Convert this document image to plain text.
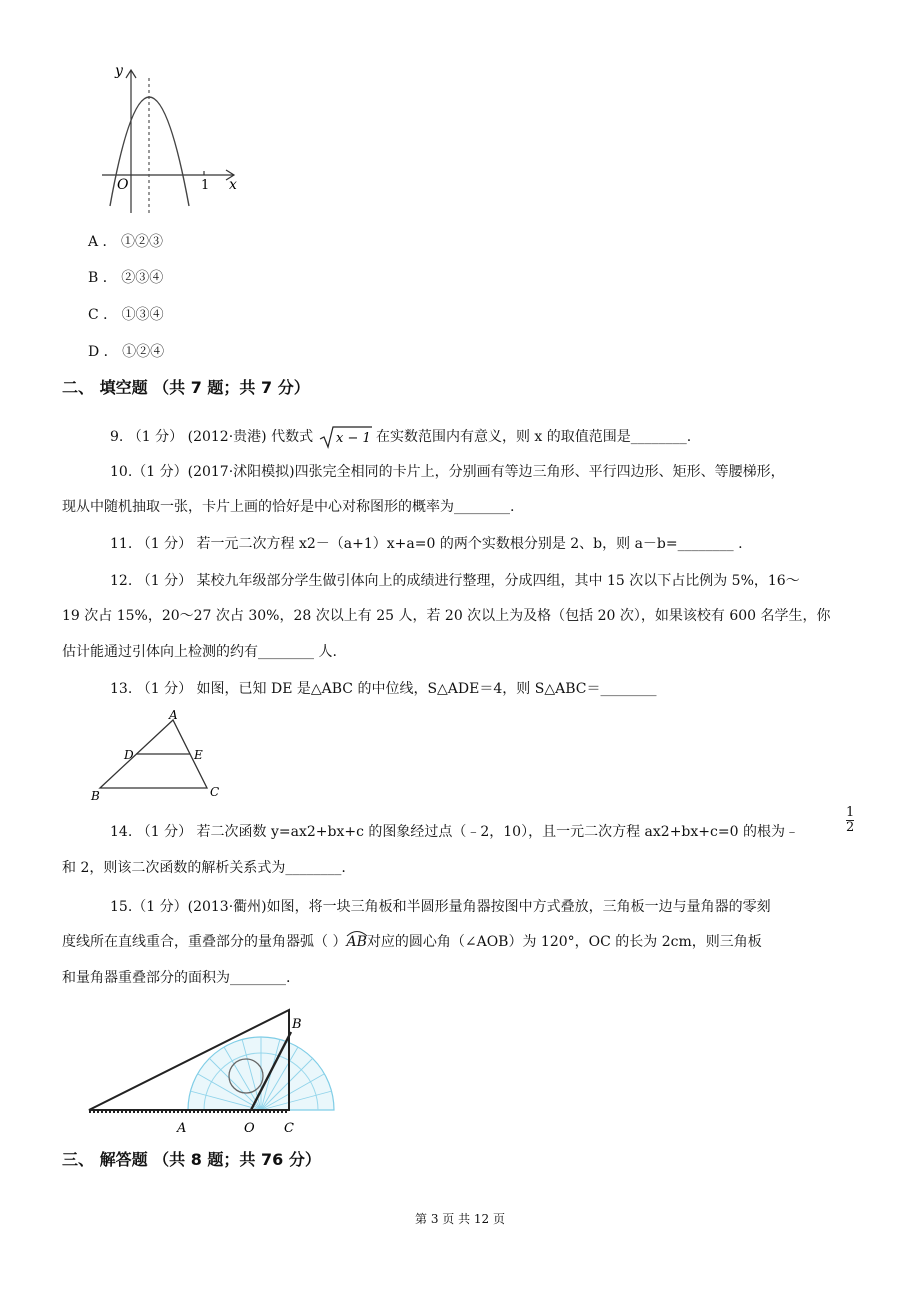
y
x
O	1
A ． ①②③
B ． ②③④
C ． ①③④
D ． ①②④
二、 填空题 （共 7 题；共 7 分）
9. （1 分） (2012·贵港) 代数式 x − 1 在实数范围内有意义，则 x 的取值范围是________.
10.（1 分）(2017·沭阳模拟)四张完全相同的卡片上，分别画有等边三角形、平行四边形、矩形、等腰梯形，
现从中随机抽取一张，卡片上画的恰好是中心对称图形的概率为________.
11. （1 分） 若一元二次方程 x2－（a+1）x+a=0 的两个实数根分别是 2、b，则 a－b=________ .
12. （1 分） 某校九年级部分学生做引体向上的成绩进行整理，分成四组，其中 15 次以下占比例为 5%，16～
19 次占 15%，20～27 次占 30%，28 次以上有 25 人，若 20 次以上为及格（包括 20 次），如果该校有 600 名学生，你
估计能通过引体向上检测的约有________ 人.
13. （1 分） 如图，已知 DE 是△ABC 的中位线，S△ADE＝4，则 S△ABC＝________
A
B	C
D	E
14. （1 分） 若二次函数 y=ax2+bx+c 的图象经过点（﹣2，10），且一元二次方程 ax2+bx+c=0 的根为﹣	$\frac{1}{2}$
和 2，则该二次函数的解析关系式为________.
15.（1 分）(2013·衢州)如图，将一块三角板和半圆形量角器按图中方式叠放，三角板一边与量角器的零刻
度线所在直线重合，重叠部分的量角器弧（ ）AB
对应的圆心角（∠AOB）为 120°，OC 的长为 2cm，则三角板
和量角器重叠部分的面积为________.
A	O C
B
三、 解答题 （共 8 题；共 76 分）
第 3 页 共 12 页
